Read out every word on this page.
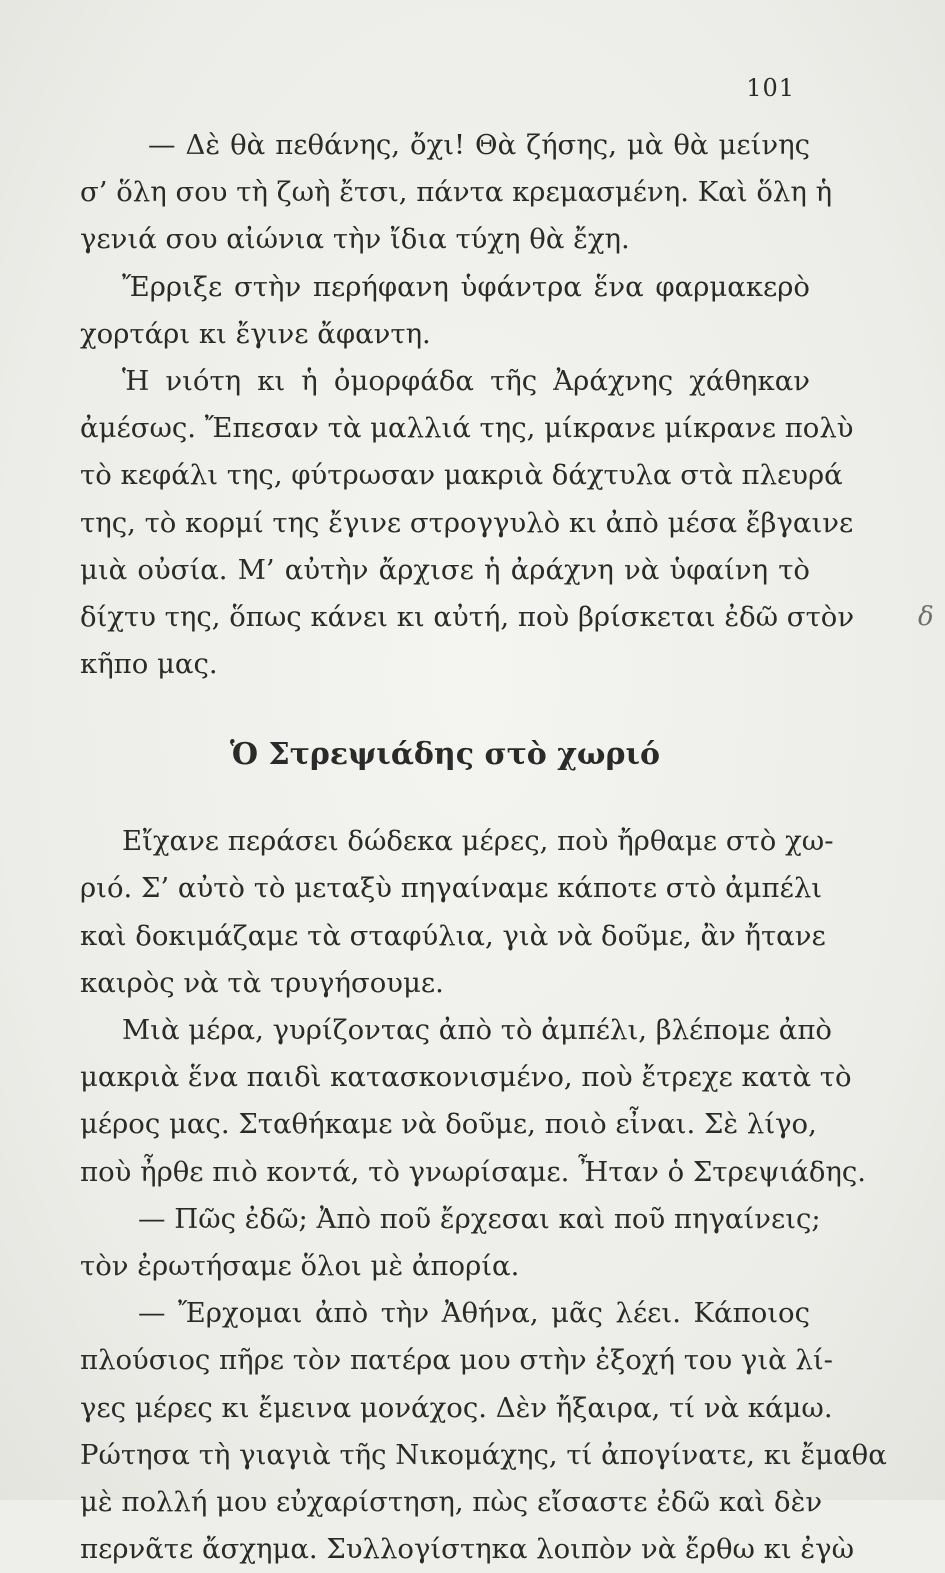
101
δ
— Δὲ θὰ πεθάνης, ὄχι! Θὰ ζήσης, μὰ θὰ μείνης
σ’ ὅλη σου τὴ ζωὴ ἔτσι, πάντα κρεμασμένη. Καὶ ὅλη ἡ
γενιά σου αἰώνια τὴν ἴδια τύχη θὰ ἔχη.
Ἔρριξε στὴν περήφανη ὑφάντρα ἕνα φαρμακερὸ
χορτάρι κι ἔγινε ἄφαντη.
Ἡ νιότη κι ἡ ὀμορφάδα τῆς Ἀράχνης χάθηκαν
ἀμέσως. Ἔπεσαν τὰ μαλλιά της, μίκρανε μίκρανε πολὺ
τὸ κεφάλι της, φύτρωσαν μακριὰ δάχτυλα στὰ πλευρά
της, τὸ κορμί της ἔγινε στρογγυλὸ κι ἀπὸ μέσα ἔβγαινε
μιὰ οὐσία. Μ’ αὐτὴν ἄρχισε ἡ ἀράχνη νὰ ὑφαίνη τὸ
δίχτυ της, ὅπως κάνει κι αὐτή, ποὺ βρίσκεται ἐδῶ στὸν
κῆπο μας.
Ὁ Στρεψιάδης στὸ χωριό
Εἴχανε περάσει δώδεκα μέρες, ποὺ ἤρθαμε στὸ χω-
ριό. Σ’ αὐτὸ τὸ μεταξὺ πηγαίναμε κάποτε στὸ ἀμπέλι
καὶ δοκιμάζαμε τὰ σταφύλια, γιὰ νὰ δοῦμε, ἂν ἤτανε
καιρὸς νὰ τὰ τρυγήσουμε.
Μιὰ μέρα, γυρίζοντας ἀπὸ τὸ ἀμπέλι, βλέπομε ἀπὸ
μακριὰ ἕνα παιδὶ κατασκονισμένο, ποὺ ἔτρεχε κατὰ τὸ
μέρος μας. Σταθήκαμε νὰ δοῦμε, ποιὸ εἶναι. Σὲ λίγο,
ποὺ ἦρθε πιὸ κοντά, τὸ γνωρίσαμε. Ἦταν ὁ Στρεψιάδης.
— Πῶς ἐδῶ; Ἀπὸ ποῦ ἔρχεσαι καὶ ποῦ πηγαίνεις;
τὸν ἐρωτήσαμε ὅλοι μὲ ἀπορία.
— Ἔρχομαι ἀπὸ τὴν Ἀθήνα, μᾶς λέει. Κάποιος
πλούσιος πῆρε τὸν πατέρα μου στὴν ἐξοχή του γιὰ λί-
γες μέρες κι ἔμεινα μονάχος. Δὲν ἤξαιρα, τί νὰ κάμω.
Ρώτησα τὴ γιαγιὰ τῆς Νικομάχης, τί ἀπογίνατε, κι ἔμαθα
μὲ πολλή μου εὐχαρίστηση, πὼς εἴσαστε ἐδῶ καὶ δὲν
περνᾶτε ἄσχημα. Συλλογίστηκα λοιπὸν νὰ ἔρθω κι ἐγὼ
